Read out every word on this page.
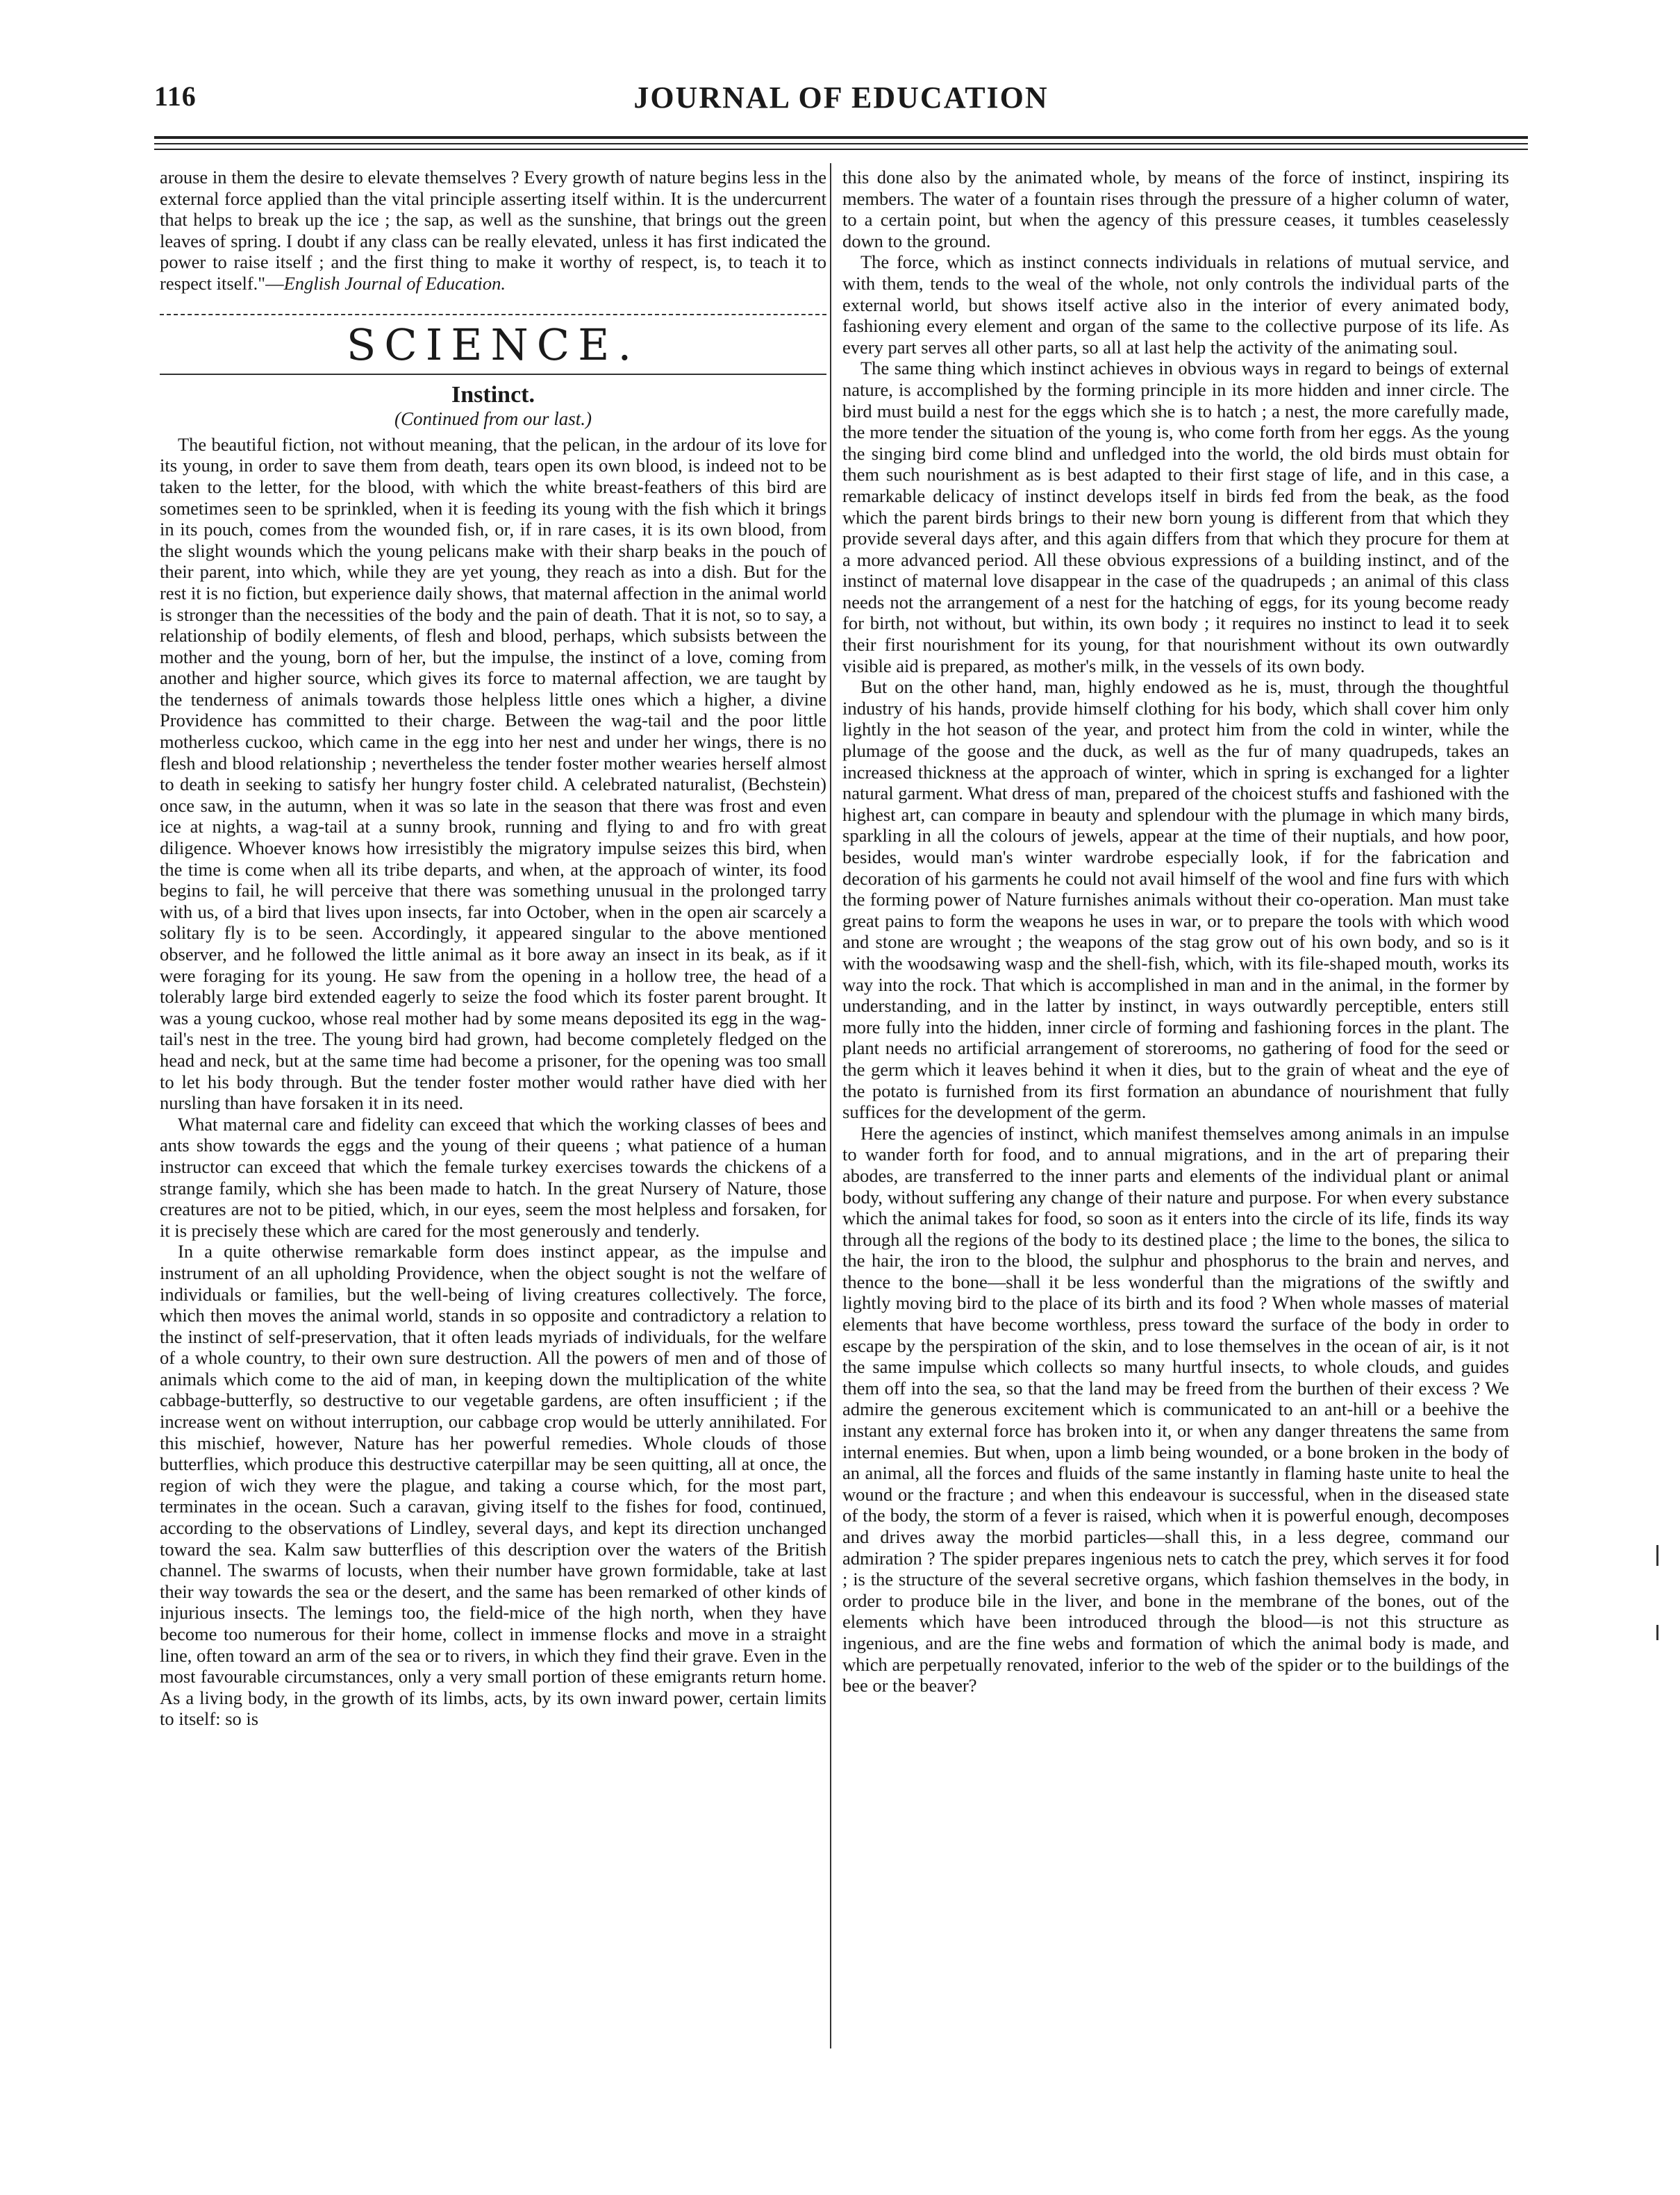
116	JOURNAL OF EDUCATION

arouse in them the desire to elevate themselves ? Every growth of nature begins less in the external force applied than the vital principle asserting itself within. It is the undercurrent that helps to break up the ice ; the sap, as well as the sunshine, that brings out the green leaves of spring. I doubt if any class can be really elevated, unless it has first indicated the power to raise itself ; and the first thing to make it worthy of respect, is, to teach it to respect itself."—English Journal of Education.

SCIENCE.
Instinct.
(Continued from our last.)

The beautiful fiction, not without meaning, that the pelican, in the ardour of its love for its young, in order to save them from death, tears open its own blood, is indeed not to be taken to the letter, for the blood, with which the white breast-feathers of this bird are sometimes seen to be sprinkled, when it is feeding its young with the fish which it brings in its pouch, comes from the wounded fish, or, if in rare cases, it is its own blood, from the slight wounds which the young pelicans make with their sharp beaks in the pouch of their parent, into which, while they are yet young, they reach as into a dish. But for the rest it is no fiction, but experience daily shows, that maternal affection in the animal world is stronger than the necessities of the body and the pain of death. That it is not, so to say, a relationship of bodily elements, of flesh and blood, perhaps, which subsists between the mother and the young, born of her, but the impulse, the instinct of a love, coming from another and higher source, which gives its force to maternal affection, we are taught by the tenderness of animals towards those helpless little ones which a higher, a divine Providence has committed to their charge. Between the wag-tail and the poor little motherless cuckoo, which came in the egg into her nest and under her wings, there is no flesh and blood relationship ; nevertheless the tender foster mother wearies herself almost to death in seeking to satisfy her hungry foster child. A celebrated naturalist, (Bechstein) once saw, in the autumn, when it was so late in the season that there was frost and even ice at nights, a wag-tail at a sunny brook, running and flying to and fro with great diligence. Whoever knows how irresistibly the migratory impulse seizes this bird, when the time is come when all its tribe departs, and when, at the approach of winter, its food begins to fail, he will perceive that there was something unusual in the prolonged tarry with us, of a bird that lives upon insects, far into October, when in the open air scarcely a solitary fly is to be seen. Accordingly, it appeared singular to the above mentioned observer, and he followed the little animal as it bore away an insect in its beak, as if it were foraging for its young. He saw from the opening in a hollow tree, the head of a tolerably large bird extended eagerly to seize the food which its foster parent brought. It was a young cuckoo, whose real mother had by some means deposited its egg in the wag-tail's nest in the tree. The young bird had grown, had become completely fledged on the head and neck, but at the same time had become a prisoner, for the opening was too small to let his body through. But the tender foster mother would rather have died with her nursling than have forsaken it in its need.

What maternal care and fidelity can exceed that which the working classes of bees and ants show towards the eggs and the young of their queens ; what patience of a human instructor can exceed that which the female turkey exercises towards the chickens of a strange family, which she has been made to hatch. In the great Nursery of Nature, those creatures are not to be pitied, which, in our eyes, seem the most helpless and forsaken, for it is precisely these which are cared for the most generously and tenderly.

In a quite otherwise remarkable form does instinct appear, as the impulse and instrument of an all upholding Providence, when the object sought is not the welfare of individuals or families, but the well-being of living creatures collectively. The force, which then moves the animal world, stands in so opposite and contradictory a relation to the instinct of self-preservation, that it often leads myriads of individuals, for the welfare of a whole country, to their own sure destruction. All the powers of men and of those of animals which come to the aid of man, in keeping down the multiplication of the white cabbage-butterfly, so destructive to our vegetable gardens, are often insufficient ; if the increase went on without interruption, our cabbage crop would be utterly annihilated. For this mischief, however, Nature has her powerful remedies. Whole clouds of those butterflies, which produce this destructive caterpillar may be seen quitting, all at once, the region of wich they were the plague, and taking a course which, for the most part, terminates in the ocean. Such a caravan, giving itself to the fishes for food, continued, according to the observations of Lindley, several days, and kept its direction unchanged toward the sea. Kalm saw butterflies of this description over the waters of the British channel. The swarms of locusts, when their number have grown formidable, take at last their way towards the sea or the desert, and the same has been remarked of other kinds of injurious insects. The lemings too, the field-mice of the high north, when they have become too numerous for their home, collect in immense flocks and move in a straight line, often toward an arm of the sea or to rivers, in which they find their grave. Even in the most favourable circumstances, only a very small portion of these emigrants return home. As a living body, in the growth of its limbs, acts, by its own inward power, certain limits to itself: so is

this done also by the animated whole, by means of the force of instinct, inspiring its members. The water of a fountain rises through the pressure of a higher column of water, to a certain point, but when the agency of this pressure ceases, it tumbles ceaselessly down to the ground.

The force, which as instinct connects individuals in relations of mutual service, and with them, tends to the weal of the whole, not only controls the individual parts of the external world, but shows itself active also in the interior of every animated body, fashioning every element and organ of the same to the collective purpose of its life. As every part serves all other parts, so all at last help the activity of the animating soul.

The same thing which instinct achieves in obvious ways in regard to beings of external nature, is accomplished by the forming principle in its more hidden and inner circle. The bird must build a nest for the eggs which she is to hatch ; a nest, the more carefully made, the more tender the situation of the young is, who come forth from her eggs. As the young the singing bird come blind and unfledged into the world, the old birds must obtain for them such nourishment as is best adapted to their first stage of life, and in this case, a remarkable delicacy of instinct develops itself in birds fed from the beak, as the food which the parent birds brings to their new born young is different from that which they provide several days after, and this again differs from that which they procure for them at a more advanced period. All these obvious expressions of a building instinct, and of the instinct of maternal love disappear in the case of the quadrupeds ; an animal of this class needs not the arrangement of a nest for the hatching of eggs, for its young become ready for birth, not without, but within, its own body ; it requires no instinct to lead it to seek their first nourishment for its young, for that nourishment without its own outwardly visible aid is prepared, as mother's milk, in the vessels of its own body.

But on the other hand, man, highly endowed as he is, must, through the thoughtful industry of his hands, provide himself clothing for his body, which shall cover him only lightly in the hot season of the year, and protect him from the cold in winter, while the plumage of the goose and the duck, as well as the fur of many quadrupeds, takes an increased thickness at the approach of winter, which in spring is exchanged for a lighter natural garment. What dress of man, prepared of the choicest stuffs and fashioned with the highest art, can compare in beauty and splendour with the plumage in which many birds, sparkling in all the colours of jewels, appear at the time of their nuptials, and how poor, besides, would man's winter wardrobe especially look, if for the fabrication and decoration of his garments he could not avail himself of the wool and fine furs with which the forming power of Nature furnishes animals without their co-operation. Man must take great pains to form the weapons he uses in war, or to prepare the tools with which wood and stone are wrought ; the weapons of the stag grow out of his own body, and so is it with the woodsawing wasp and the shell-fish, which, with its file-shaped mouth, works its way into the rock. That which is accomplished in man and in the animal, in the former by understanding, and in the latter by instinct, in ways outwardly perceptible, enters still more fully into the hidden, inner circle of forming and fashioning forces in the plant. The plant needs no artificial arrangement of storerooms, no gathering of food for the seed or the germ which it leaves behind it when it dies, but to the grain of wheat and the eye of the potato is furnished from its first formation an abundance of nourishment that fully suffices for the development of the germ.

Here the agencies of instinct, which manifest themselves among animals in an impulse to wander forth for food, and to annual migrations, and in the art of preparing their abodes, are transferred to the inner parts and elements of the individual plant or animal body, without suffering any change of their nature and purpose. For when every substance which the animal takes for food, so soon as it enters into the circle of its life, finds its way through all the regions of the body to its destined place ; the lime to the bones, the silica to the hair, the iron to the blood, the sulphur and phosphorus to the brain and nerves, and thence to the bone—shall it be less wonderful than the migrations of the swiftly and lightly moving bird to the place of its birth and its food ? When whole masses of material elements that have become worthless, press toward the surface of the body in order to escape by the perspiration of the skin, and to lose themselves in the ocean of air, is it not the same impulse which collects so many hurtful insects, to whole clouds, and guides them off into the sea, so that the land may be freed from the burthen of their excess ? We admire the generous excitement which is communicated to an ant-hill or a beehive the instant any external force has broken into it, or when any danger threatens the same from internal enemies. But when, upon a limb being wounded, or a bone broken in the body of an animal, all the forces and fluids of the same instantly in flaming haste unite to heal the wound or the fracture ; and when this endeavour is successful, when in the diseased state of the body, the storm of a fever is raised, which when it is powerful enough, decomposes and drives away the morbid particles—shall this, in a less degree, command our admiration ? The spider prepares ingenious nets to catch the prey, which serves it for food ; is the structure of the several secretive organs, which fashion themselves in the body, in order to produce bile in the liver, and bone in the membrane of the bones, out of the elements which have been introduced through the blood—is not this structure as ingenious, and are the fine webs and formation of which the animal body is made, and which are perpetually renovated, inferior to the web of the spider or to the buildings of the bee or the beaver?
